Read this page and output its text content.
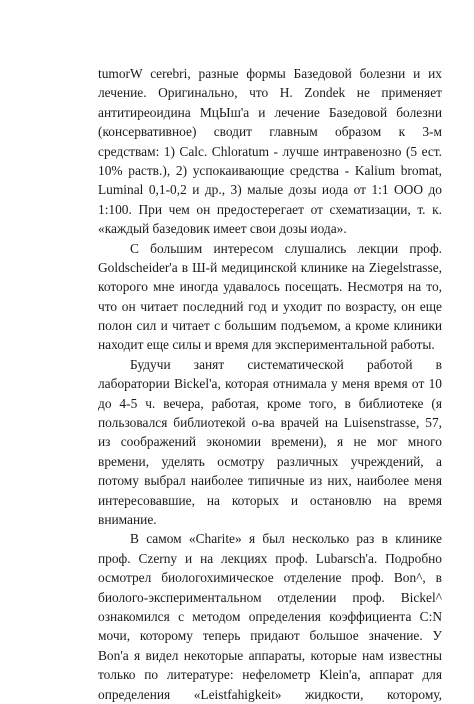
tumorW cerebri, разные формы Базедовой болезни и их
лечение. Оригинально, что Н. Zondek не применяет
антитиреоидина МцЫш'а и лечение Базедовой болезни
(консервативное) сводит главным образом к 3-м
средствам: 1) Calc. Chloratum - лучше интравенозно (5 ест.
10% раств.), 2) успокаивающие средства - Kalium bromat,
Luminal 0,1-0,2 и др., 3) малые дозы иода от 1:1 ООО до
1:100. При чем он предостерегает от схематизации, т. к.
«каждый базедовик имеет свои дозы иода».
С большим интересом слушались лекции проф.
Goldscheider'a в Ш-й медицинской клинике на Ziegelstrasse,
которого мне иногда удавалось посещать. Несмотря на то,
что он читает последний год и уходит по возрасту, он еще
полон сил и читает с большим подъемом, а кроме клиники
находит еще силы и время для экспериментальной работы.
Будучи занят систематической работой в
лаборатории Bickel'a, которая отнимала у меня время от 10
до 4-5 ч. вечера, работая, кроме того, в библиотеке (я
пользовался библиотекой о-ва врачей на Luisenstrasse, 57,
из соображений экономии времени), я не мог много
времени, уделять осмотру различных учреждений, а
потому выбрал наиболее типичные из них, наиболее меня
интересовавшие, на которых и остановлю на время
внимание.
В самом «Charite» я был несколько раз в клинике
проф. Czerny и на лекциях проф. Lubarsch'a. Подробно
осмотрел биологохимическое отделение проф. Bon^, в
биолого-экспериментальном отделении проф. Bickel^
ознакомился с методом определения коэффициента C:N
мочи, которому теперь придают большое значение. У
Bon'a я видел некоторые аппараты, которые нам известны
только по литературе: нефелометр Klein'a, аппарат для
определения «Leistfahigkeit» жидкости, которому,
